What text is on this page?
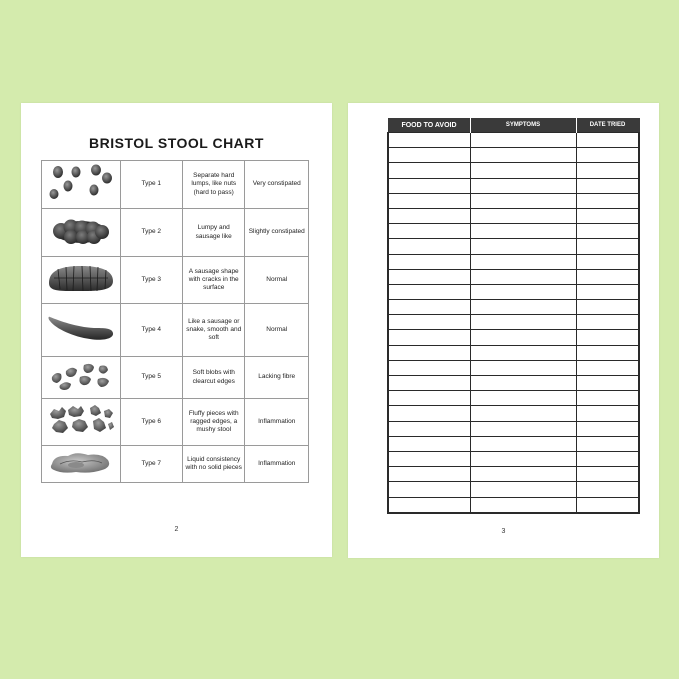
BRISTOL STOOL CHART
	Type 1	Separate hard lumps, like nuts (hard to pass)	Very constipated
	Type 2	Lumpy and sausage like	Slightly constipated
	Type 3	A sausage shape with cracks in the surface	Normal
	Type 4	Like a sausage or snake, smooth and soft	Normal
	Type 5	Soft blobs with clearcut edges	Lacking fibre
	Type 6	Fluffy pieces with ragged edges, a mushy stool	Inflammation
	Type 7	Liquid consistency with no solid pieces	Inflammation
2
FOOD TO AVOID	SYMPTOMS	DATE TRIED

3
